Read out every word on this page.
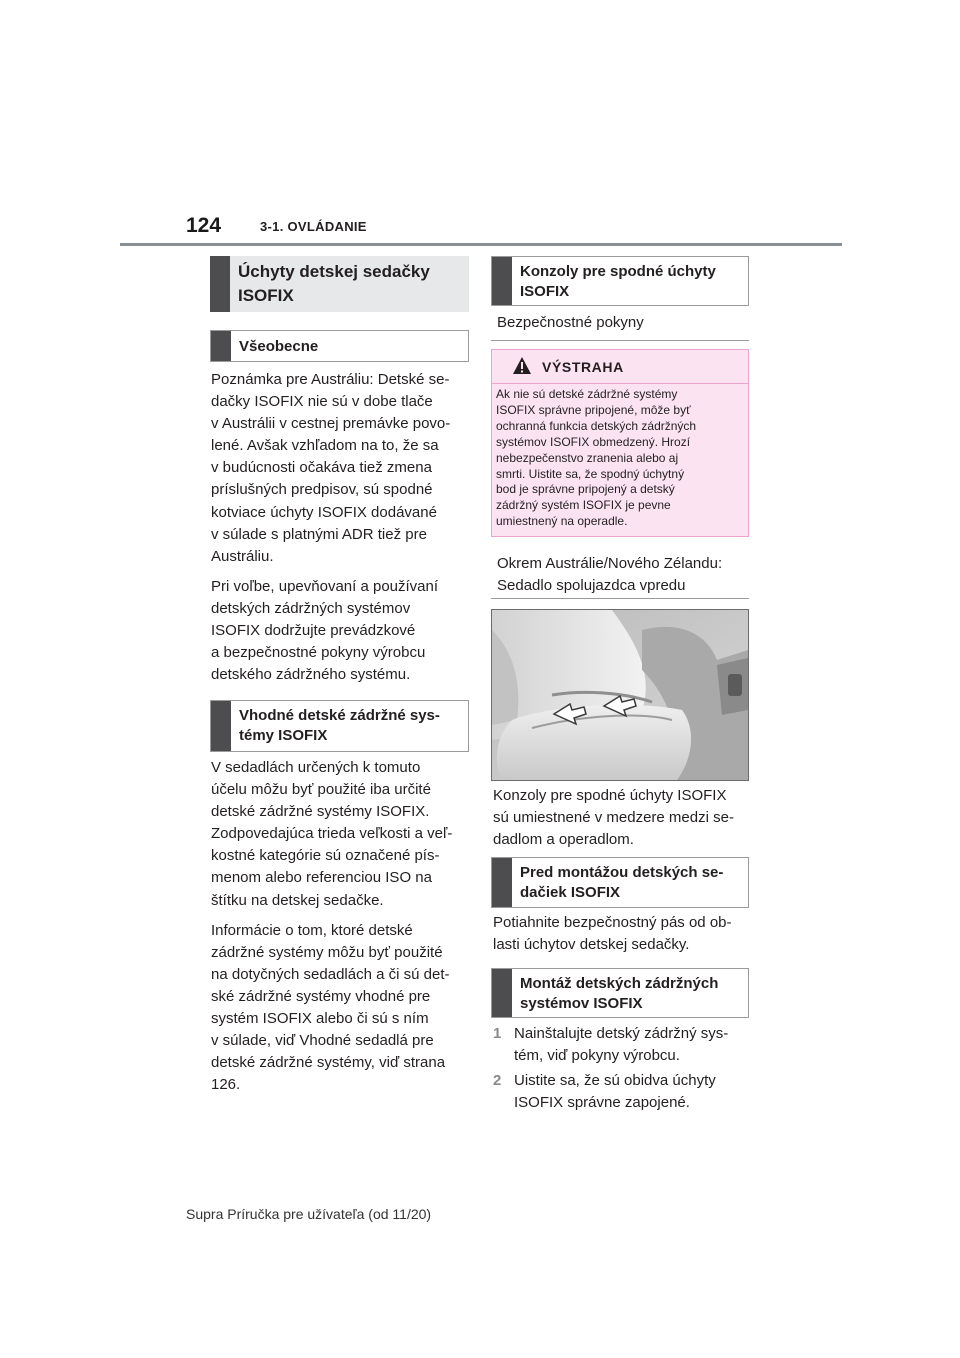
124	3-1. OVLÁDANIE
Úchyty detskej sedačky
ISOFIX
Všeobecne

Poznámka pre Austráliu: Detské se-
dačky ISOFIX nie sú v dobe tlače
v Austrálii v cestnej premávke povo-
lené. Avšak vzhľadom na to, že sa
v budúcnosti očakáva tiež zmena
príslušných predpisov, sú spodné
kotviace úchyty ISOFIX dodávané
v súlade s platnými ADR tiež pre
Austráliu.

Pri voľbe, upevňovaní a používaní
detských zádržných systémov
ISOFIX dodržujte prevádzkové
a bezpečnostné pokyny výrobcu
detského zádržného systému.

Vhodné detské zádržné sys-
témy ISOFIX

V sedadlách určených k tomuto
účelu môžu byť použité iba určité
detské zádržné systémy ISOFIX.
Zodpovedajúca trieda veľkosti a veľ-
kostné kategórie sú označené pís-
menom alebo referenciou ISO na
štítku na detskej sedačke.

Informácie o tom, ktoré detské
zádržné systémy môžu byť použité
na dotyčných sedadlách a či sú det-
ské zádržné systémy vhodné pre
systém ISOFIX alebo či sú s ním
v súlade, viď Vhodné sedadlá pre
detské zádržné systémy, viď strana
126.

Konzoly pre spodné úchyty
ISOFIX
Bezpečnostné pokyny
VÝSTRAHA
Ak nie sú detské zádržné systémy
ISOFIX správne pripojené, môže byť
ochranná funkcia detských zádržných
systémov ISOFIX obmedzený. Hrozí
nebezpečenstvo zranenia alebo aj
smrti. Uistite sa, že spodný úchytný
bod je správne pripojený a detský
zádržný systém ISOFIX je pevne
umiestnený na operadle.
Okrem Austrálie/Nového Zélandu:
Sedadlo spolujazdca vpredu
Konzoly pre spodné úchyty ISOFIX
sú umiestnené v medzere medzi se-
dadlom a operadlom.
Pred montážou detských se-
dačiek ISOFIX
Potiahnite bezpečnostný pás od ob-
lasti úchytov detskej sedačky.
Montáž detských zádržných
systémov ISOFIX
1 Nainštalujte detský zádržný sys-
tém, viď pokyny výrobcu.
2 Uistite sa, že sú obidva úchyty
ISOFIX správne zapojené.
Supra Príručka pre užívateľa (od 11/20)
